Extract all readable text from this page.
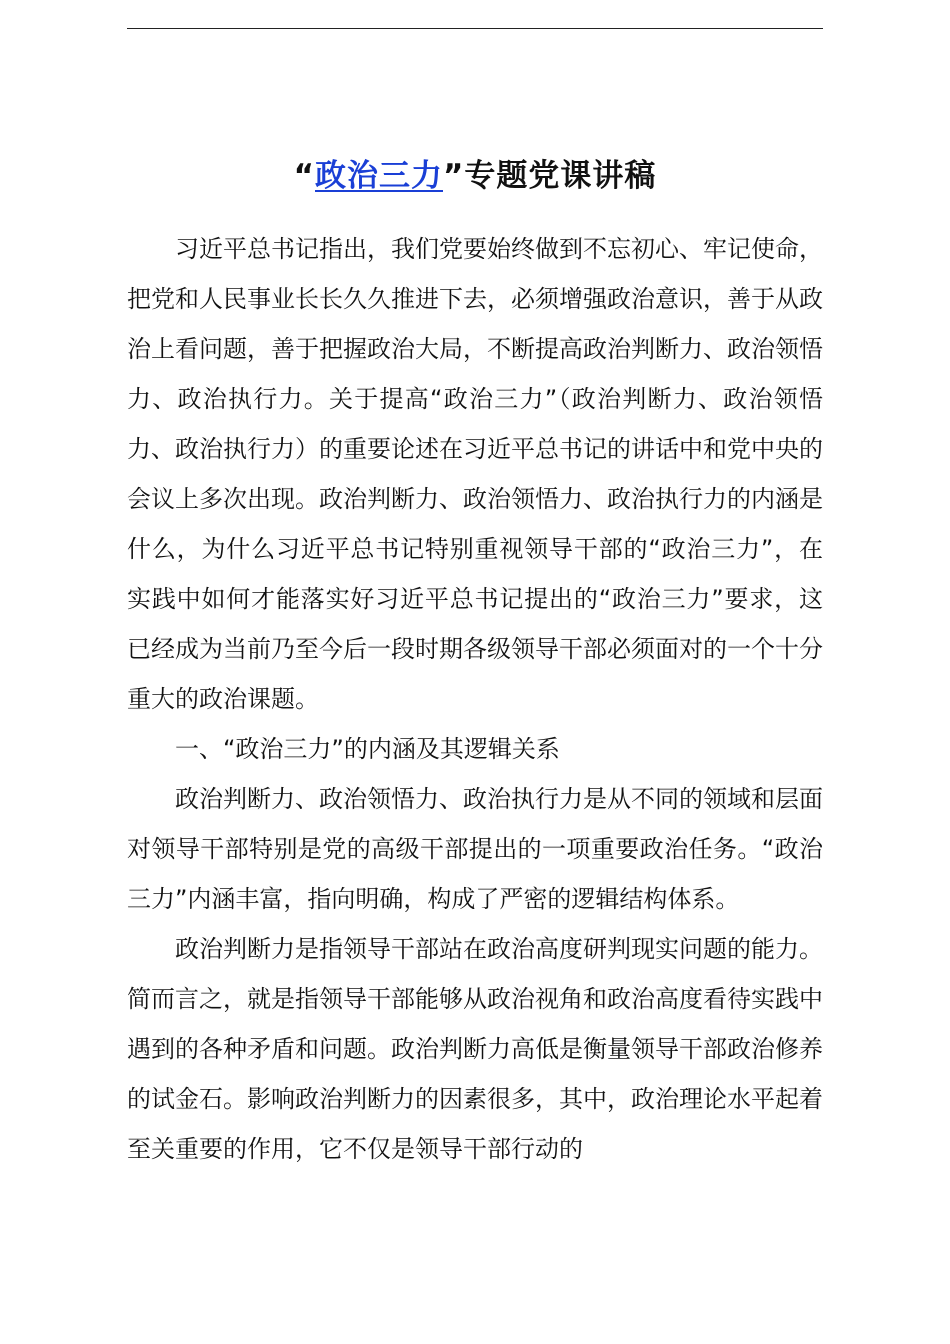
“政治三力”专题党课讲稿

习近平总书记指出，我们党要始终做到不忘初心、牢记使命，把党和人民事业长长久久推进下去，必须增强政治意识，善于从政治上看问题，善于把握政治大局，不断提高政治判断力、政治领悟力、政治执行力。关于提高“政治三力”（政治判断力、政治领悟力、政治执行力）的重要论述在习近平总书记的讲话中和党中央的会议上多次出现。政治判断力、政治领悟力、政治执行力的内涵是什么，为什么习近平总书记特别重视领导干部的“政治三力”，在实践中如何才能落实好习近平总书记提出的“政治三力”要求，这已经成为当前乃至今后一段时期各级领导干部必须面对的一个十分重大的政治课题。

一、“政治三力”的内涵及其逻辑关系

政治判断力、政治领悟力、政治执行力是从不同的领域和层面对领导干部特别是党的高级干部提出的一项重要政治任务。“政治三力”内涵丰富，指向明确，构成了严密的逻辑结构体系。

政治判断力是指领导干部站在政治高度研判现实问题的能力。简而言之，就是指领导干部能够从政治视角和政治高度看待实践中遇到的各种矛盾和问题。政治判断力高低是衡量领导干部政治修养的试金石。影响政治判断力的因素很多，其中，政治理论水平起着至关重要的作用，它不仅是领导干部行动的
